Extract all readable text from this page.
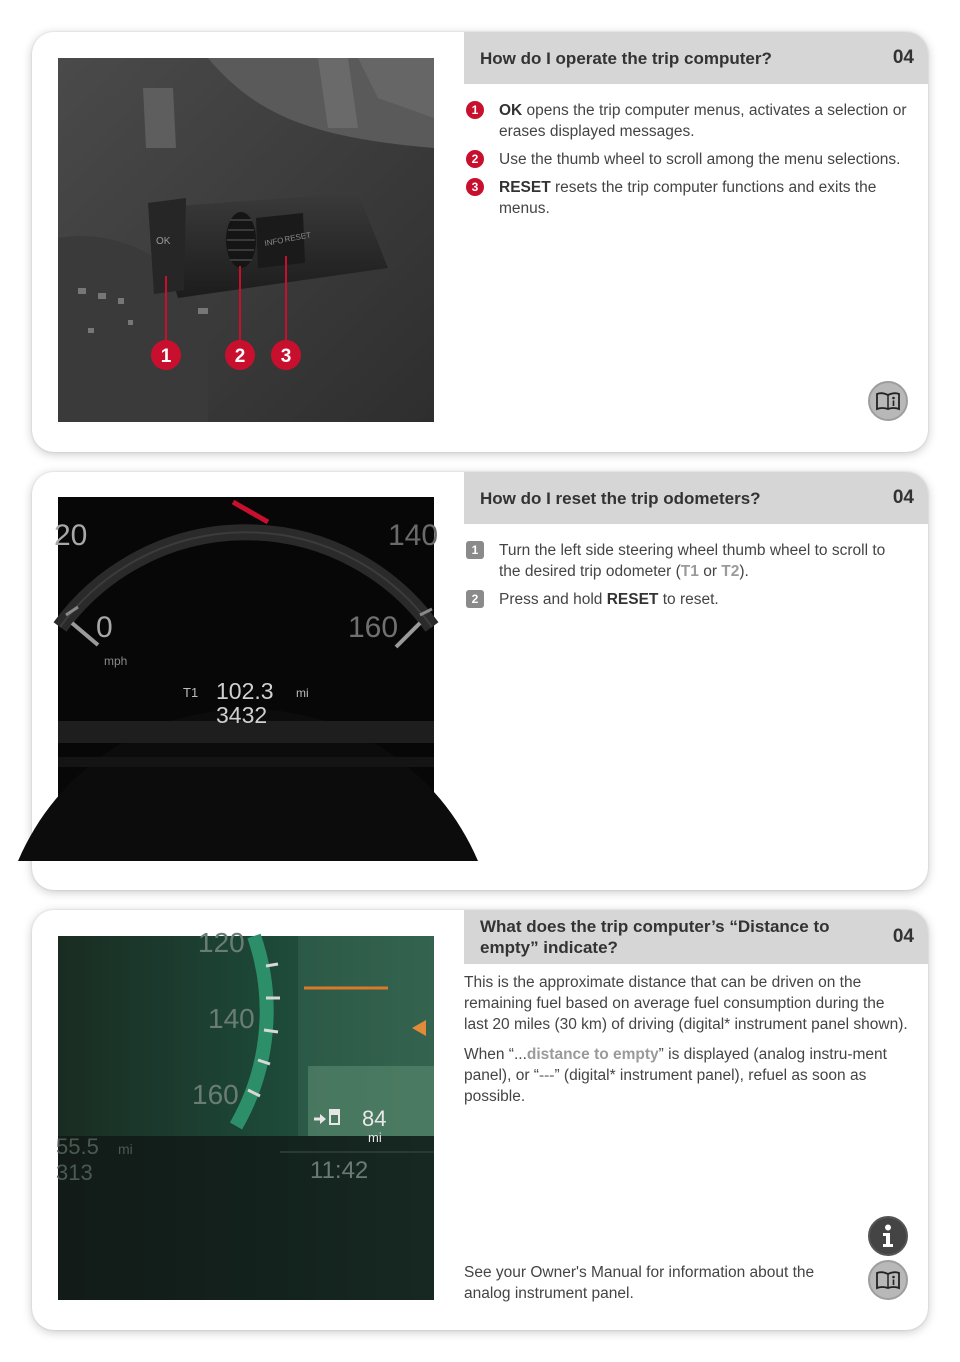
OK	INFO RESET
1	2 3
How do I operate the trip computer?	04
1	OK opens the trip computer menus, activates a selection or erases displayed messages.
2	Use the thumb wheel to scroll among the menu selections.
3	RESET resets the trip computer functions and exits the menus.
20	140
0	160
mph
T1 102.3 mi
3432
How do I reset the trip odometers?	04
1	Turn the left side steering wheel thumb wheel to scroll to the desired trip odometer (T1 or T2).
2	Press and hold RESET to reset.
120
140
160
55.5 mi
313
84
mi
11:42
What does the trip computer’s “Distance to empty” indicate?
04

This is the approximate distance that can be driven on the remaining fuel based on average fuel consumption during the last 20 miles (30 km) of driving (digital* instrument panel shown).

When “...distance to empty” is displayed (analog instru-ment panel), or “---” (digital* instrument panel), refuel as soon as possible.

See your Owner's Manual for information about the analog instrument panel.
